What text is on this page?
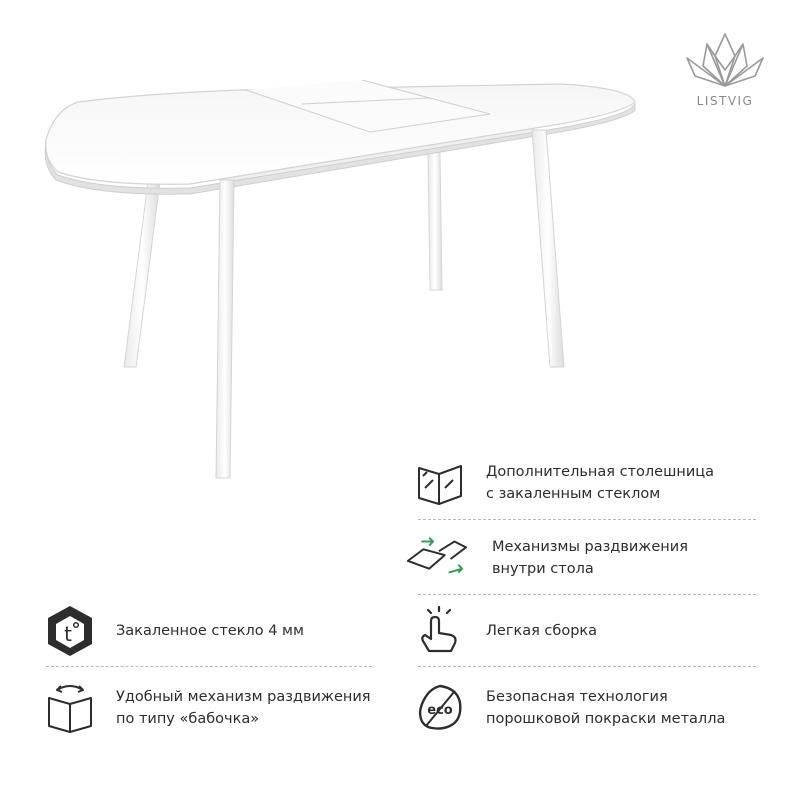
LISTVIG
Дополнительная столешница
с закаленным стеклом
Механизмы раздвижения
внутри стола
Легкая сборка
eco
Безопасная технология
порошковой покраски металла
t	Закаленное стекло 4 мм
Удобный механизм раздвижения
по типу «бабочка»
